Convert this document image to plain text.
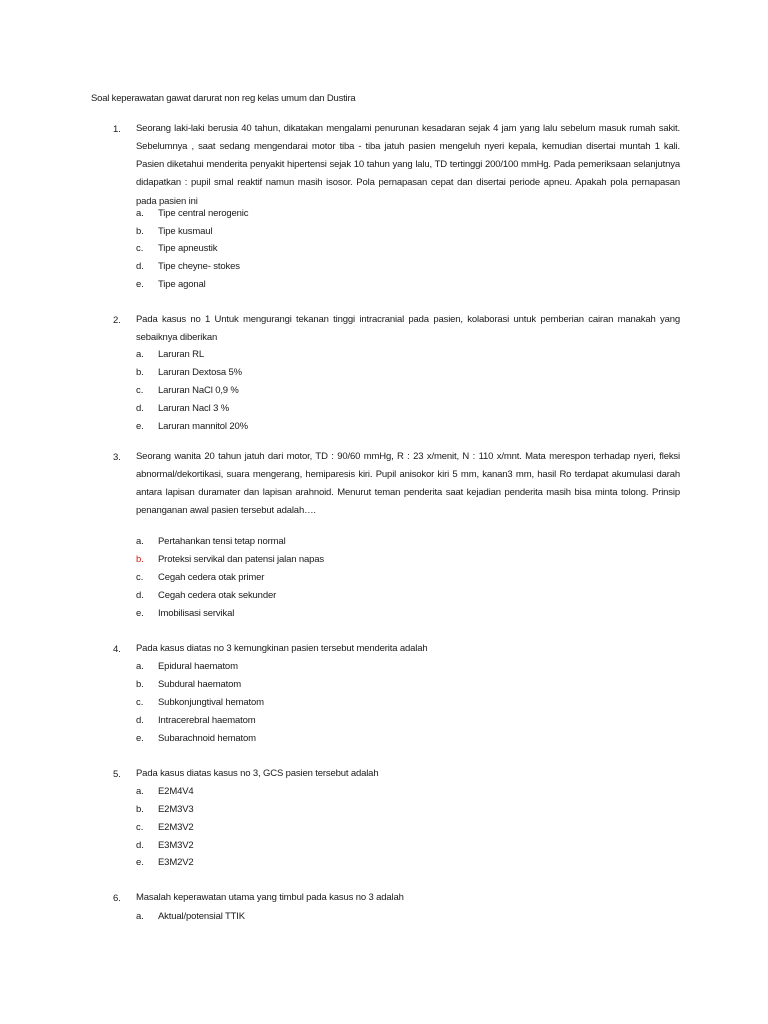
Soal keperawatan gawat darurat non reg kelas umum dan Dustira
1. Seorang laki-laki berusia 40 tahun, dikatakan mengalami penurunan kesadaran sejak 4 jam yang lalu sebelum masuk rumah sakit. Sebelumnya , saat sedang mengendarai motor tiba - tiba jatuh pasien mengeluh nyeri kepala, kemudian disertai muntah 1 kali. Pasien diketahui menderita penyakit hipertensi sejak 10 tahun yang lalu, TD tertinggi 200/100 mmHg. Pada pemeriksaan selanjutnya didapatkan : pupil smal reaktif namun masih isosor. Pola pernapasan cepat dan disertai periode apneu. Apakah pola pernapasan pada pasien ini
a. Tipe central nerogenic
b. Tipe kusmaul
c. Tipe apneustik
d. Tipe cheyne- stokes
e. Tipe agonal
2. Pada kasus no 1 Untuk mengurangi tekanan tinggi intracranial pada pasien, kolaborasi untuk pemberian cairan manakah yang sebaiknya diberikan
a. Laruran RL
b. Laruran Dextosa 5%
c. Laruran NaCl 0,9 %
d. Laruran Nacl 3 %
e. Laruran mannitol 20%
3. Seorang wanita 20 tahun jatuh dari motor, TD : 90/60 mmHg, R : 23 x/menit, N : 110 x/mnt. Mata merespon terhadap nyeri, fleksi abnormal/dekortikasi, suara mengerang, hemiparesis kiri. Pupil anisokor kiri 5 mm, kanan3 mm, hasil Ro terdapat akumulasi darah antara lapisan duramater dan lapisan arahnoid. Menurut teman penderita saat kejadian penderita masih bisa minta tolong. Prinsip penanganan awal pasien tersebut adalah….
a. Pertahankan tensi tetap normal
b. Proteksi servikal dan patensi jalan napas
c. Cegah cedera otak primer
d. Cegah cedera otak sekunder
e. Imobilisasi servikal
4. Pada kasus diatas no 3 kemungkinan pasien tersebut menderita adalah
a. Epidural haematom
b. Subdural haematom
c. Subkonjungtival hematom
d. Intracerebral haematom
e. Subarachnoid hematom
5. Pada kasus diatas kasus no 3, GCS pasien tersebut adalah
a. E2M4V4
b. E2M3V3
c. E2M3V2
d. E3M3V2
e. E3M2V2
6. Masalah keperawatan utama yang timbul pada kasus no 3 adalah
a. Aktual/potensial TTIK
